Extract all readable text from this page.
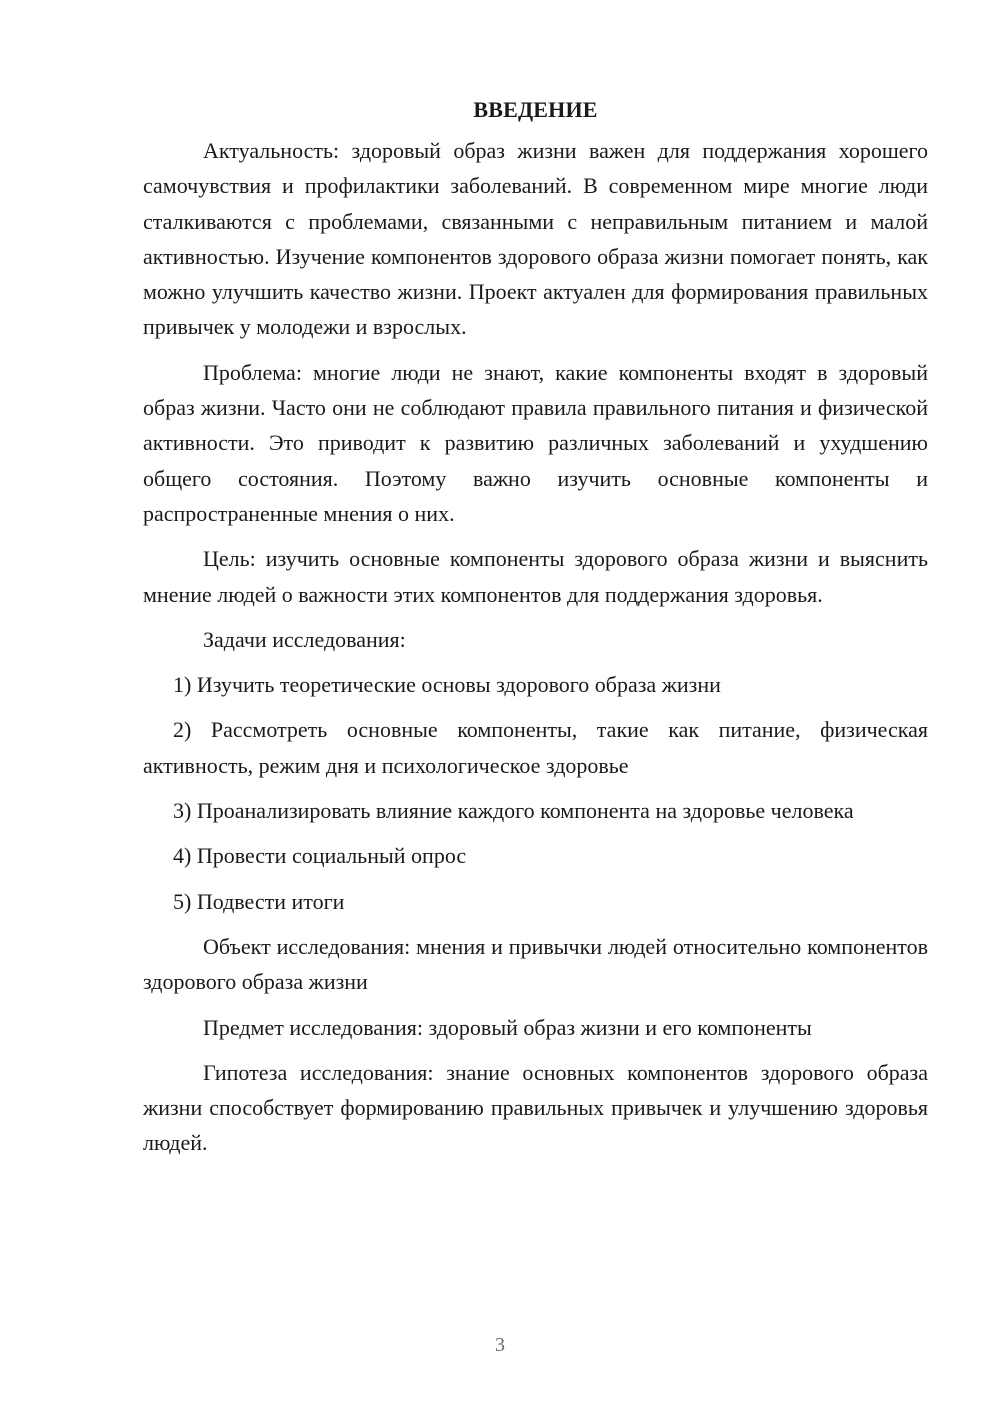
ВВЕДЕНИЕ

Актуальность: здоровый образ жизни важен для поддержания хорошего самочувствия и профилактики заболеваний. В современном мире многие люди сталкиваются с проблемами, связанными с неправильным питанием и малой активностью. Изучение компонентов здорового образа жизни помогает понять, как можно улучшить качество жизни. Проект актуален для формирования правильных привычек у молодежи и взрослых.

Проблема: многие люди не знают, какие компоненты входят в здоровый образ жизни. Часто они не соблюдают правила правильного питания и физической активности. Это приводит к развитию различных заболеваний и ухудшению общего состояния. Поэтому важно изучить основные компоненты и распространенные мнения о них.

Цель: изучить основные компоненты здорового образа жизни и выяснить мнение людей о важности этих компонентов для поддержания здоровья.

Задачи исследования:

1) Изучить теоретические основы здорового образа жизни

2) Рассмотреть основные компоненты, такие как питание, физическая активность, режим дня и психологическое здоровье

3) Проанализировать влияние каждого компонента на здоровье человека

4) Провести социальный опрос

5) Подвести итоги

Объект исследования: мнения и привычки людей относительно компонентов здорового образа жизни

Предмет исследования: здоровый образ жизни и его компоненты

Гипотеза исследования: знание основных компонентов здорового образа жизни способствует формированию правильных привычек и улучшению здоровья людей.

3
